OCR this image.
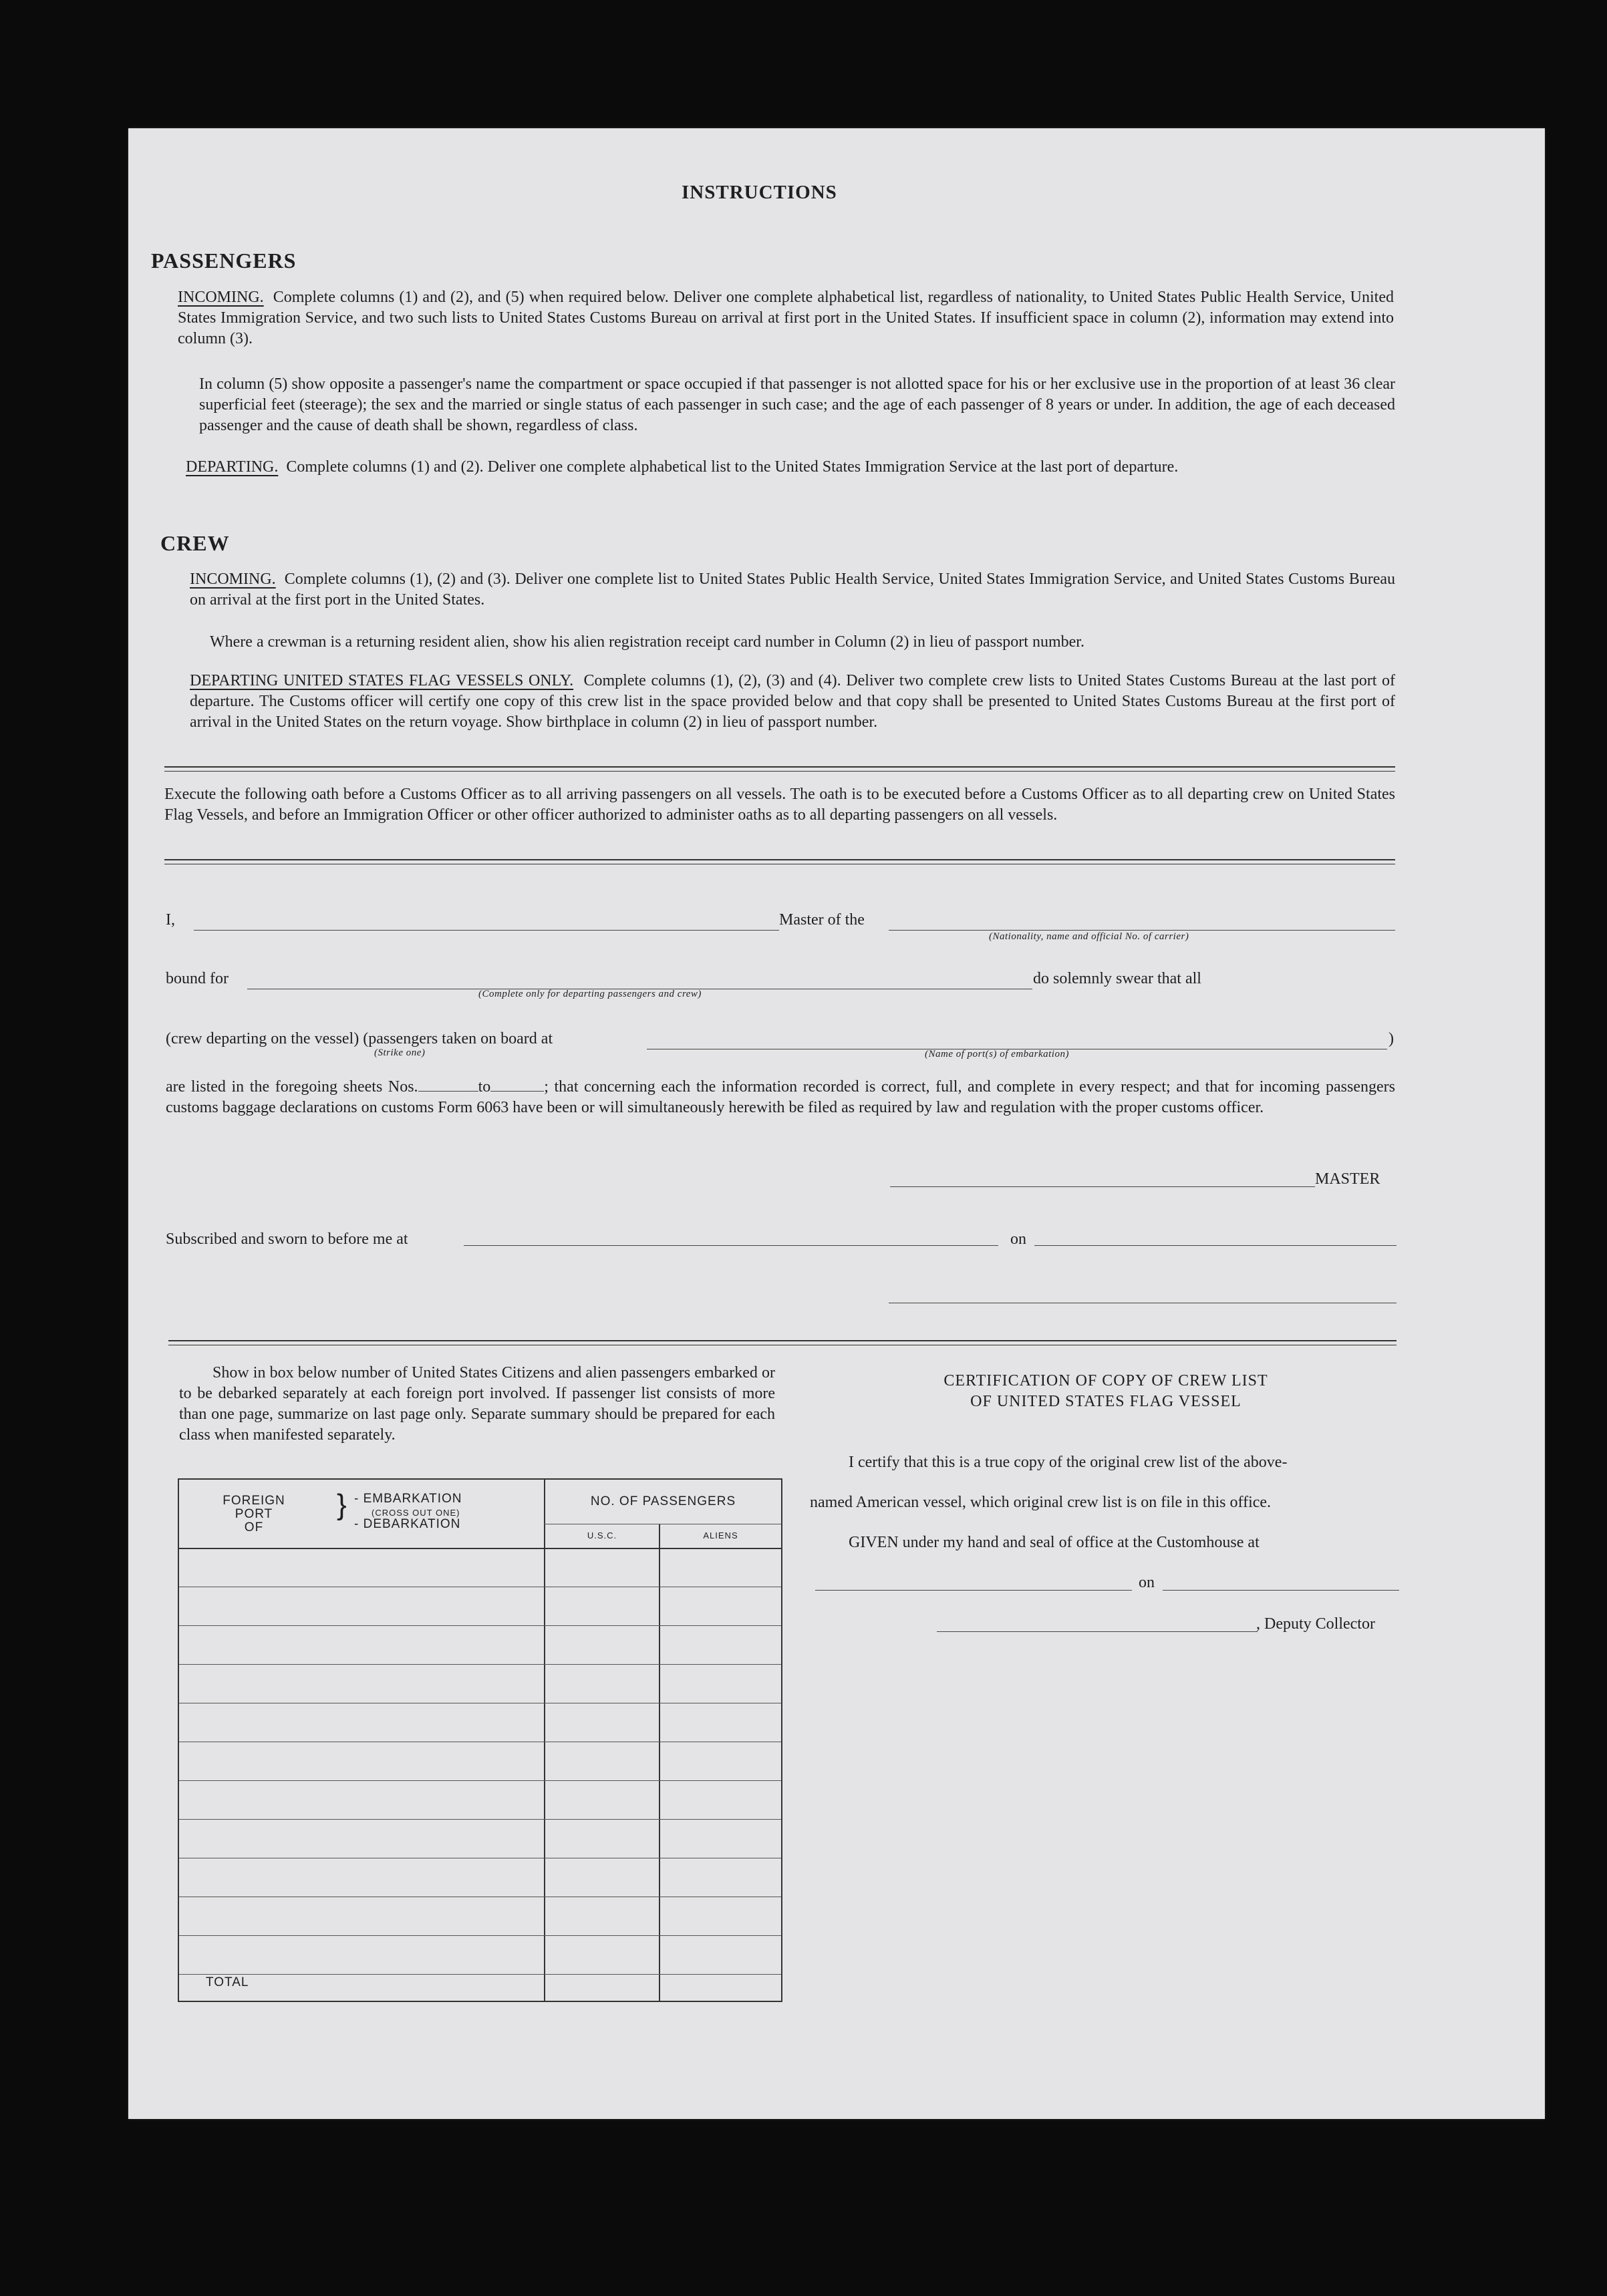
INSTRUCTIONS
PASSENGERS
INCOMING. Complete columns (1) and (2), and (5) when required below. Deliver one complete alphabetical list, regardless of nationality, to United States Public Health Service, United States Immigration Service, and two such lists to United States Customs Bureau on arrival at first port in the United States. If insufficient space in column (2), information may extend into column (3).
In column (5) show opposite a passenger's name the compartment or space occupied if that passenger is not allotted space for his or her exclusive use in the proportion of at least 36 clear superficial feet (steerage); the sex and the married or single status of each passenger in such case; and the age of each passenger of 8 years or under. In addition, the age of each deceased passenger and the cause of death shall be shown, regardless of class.
DEPARTING. Complete columns (1) and (2). Deliver one complete alphabetical list to the United States Immigration Service at the last port of departure.
CREW
INCOMING. Complete columns (1), (2) and (3). Deliver one complete list to United States Public Health Service, United States Immigration Service, and United States Customs Bureau on arrival at the first port in the United States.
Where a crewman is a returning resident alien, show his alien registration receipt card number in Column (2) in lieu of passport number.
DEPARTING UNITED STATES FLAG VESSELS ONLY. Complete columns (1), (2), (3) and (4). Deliver two complete crew lists to United States Customs Bureau at the last port of departure. The Customs officer will certify one copy of this crew list in the space provided below and that copy shall be presented to United States Customs Bureau at the first port of arrival in the United States on the return voyage. Show birthplace in column (2) in lieu of passport number.
Execute the following oath before a Customs Officer as to all arriving passengers on all vessels. The oath is to be executed before a Customs Officer as to all departing crew on United States Flag Vessels, and before an Immigration Officer or other officer authorized to administer oaths as to all departing passengers on all vessels.
I,	Master of the
(Nationality, name and official No. of carrier)
bound for	do solemnly swear that all
(Complete only for departing passengers and crew)
(crew departing on the vessel) (passengers taken on board at
(Strike one)
)
(Name of port(s) of embarkation)
are listed in the foregoing sheets Nos.	to	; that concerning each the information recorded is correct, full, and complete in every respect; and that for incoming passengers customs baggage declarations on customs Form 6063 have been or will simultaneously herewith be filed as required by law and regulation with the proper customs officer.
MASTER
Subscribed and sworn to before me at	on
Show in box below number of United States Citizens and alien passengers embarked or to be debarked separately at each foreign port involved. If passenger list consists of more than one page, summarize on last page only. Separate summary should be prepared for each class when manifested separately.
FOREIGN
PORT
OF
} - EMBARKATION
(CROSS OUT ONE)
- DEBARKATION
NO. OF PASSENGERS
U.S.C.	ALIENS
TOTAL
CERTIFICATION OF COPY OF CREW LIST
OF UNITED STATES FLAG VESSEL
I certify that this is a true copy of the original crew list of the above-
named American vessel, which original crew list is on file in this office.
GIVEN under my hand and seal of office at the Customhouse at
on
, Deputy Collector
